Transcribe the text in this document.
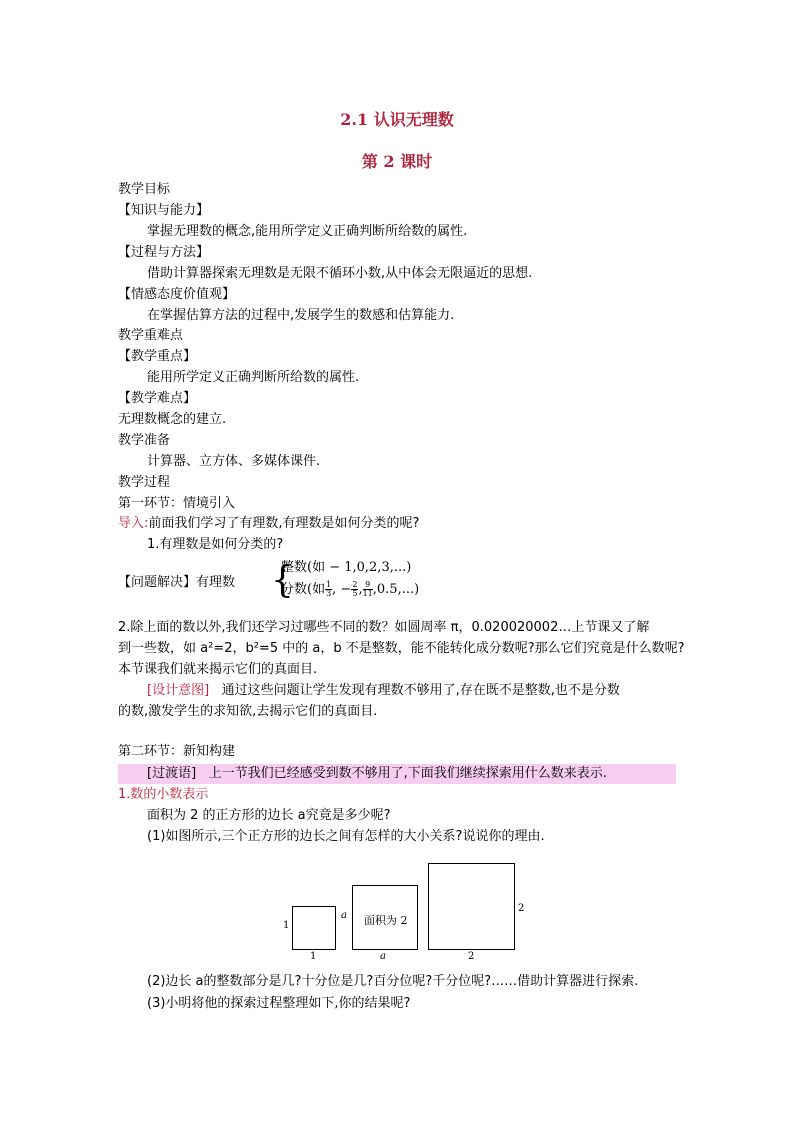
2.1 认识无理数
第 2 课时
教学目标
【知识与能力】
掌握无理数的概念,能用所学定义正确判断所给数的属性.
【过程与方法】
借助计算器探索无理数是无限不循环小数,从中体会无限逼近的思想.
【情感态度价值观】
在掌握估算方法的过程中,发展学生的数感和估算能力.
教学重难点
【教学重点】
能用所学定义正确判断所给数的属性.
【教学难点】
无理数概念的建立.
教学准备
计算器、立方体、多媒体课件.
教学过程
第一环节：情境引入
导入:前面我们学习了有理数,有理数是如何分类的呢?
1.有理数是如何分类的?
【问题解决】有理数 {
整数(如 − 1,0,2,3,...)
分数(如 $\frac{1}{3}$ , − $\frac{2}{5}$ , $\frac{9}{11} ,0.5$,...)
2.除上面的数以外,我们还学习过哪些不同的数？如圆周率 π，0.020020002…上节课又了解
到一些数，如 a²=2，b²=5 中的 a，b 不是整数，能不能转化成分数呢?那么它们究竟是什么数呢?
本节课我们就来揭示它们的真面目.
[设计意图] 通过这些问题让学生发现有理数不够用了,存在既不是整数,也不是分数
的数,激发学生的求知欲,去揭示它们的真面目.
第二环节：新知构建
[过渡语] 上一节我们已经感受到数不够用了,下面我们继续探索用什么数来表示.
1.数的小数表示
面积为 2 的正方形的边长 a究竟是多少呢?
(1)如图所示,三个正方形的边长之间有怎样的大小关系?说说你的理由.
1
1
a 面积为 2
a
2
2
(2)边长 a的整数部分是几?十分位是几?百分位呢?千分位呢?……借助计算器进行探索.
(3)小明将他的探索过程整理如下,你的结果呢?
